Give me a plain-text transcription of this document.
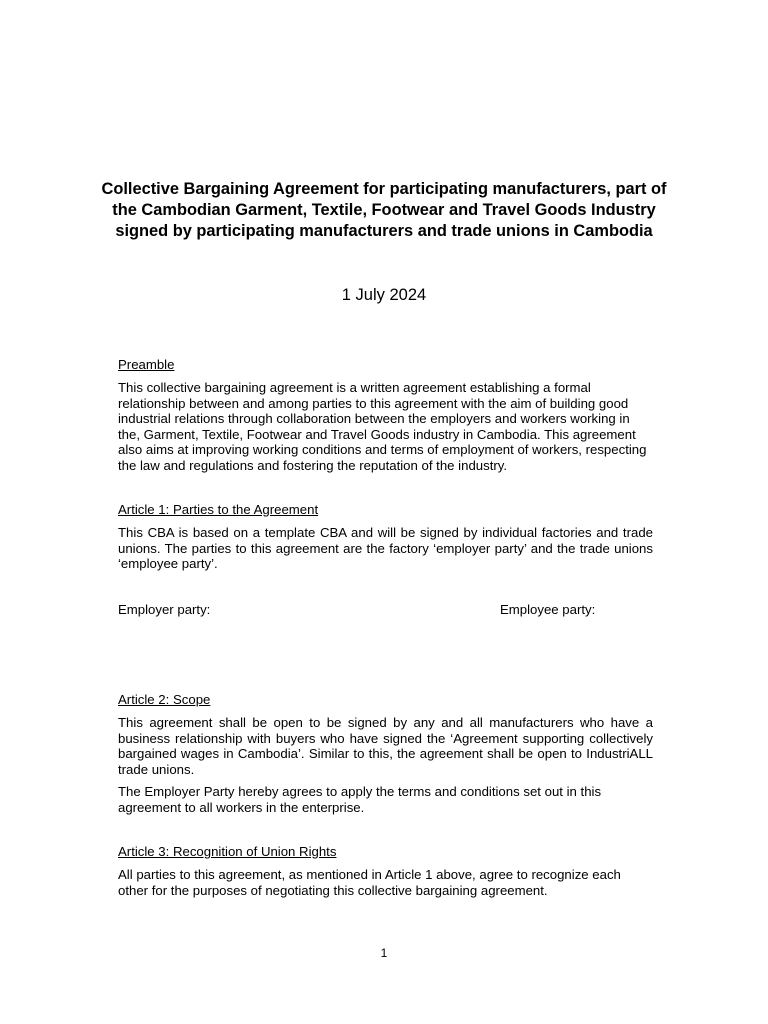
Collective Bargaining Agreement for participating manufacturers, part of the Cambodian Garment, Textile, Footwear and Travel Goods Industry signed by participating manufacturers and trade unions in Cambodia
1 July 2024
Preamble
This collective bargaining agreement is a written agreement establishing a formal relationship between and among parties to this agreement with the aim of building good industrial relations through collaboration between the employers and workers working in the, Garment, Textile, Footwear and Travel Goods industry in Cambodia. This agreement also aims at improving working conditions and terms of employment of workers, respecting the law and regulations and fostering the reputation of the industry.
Article 1: Parties to the Agreement
This CBA is based on a template CBA and will be signed by individual factories and trade unions. The parties to this agreement are the factory ‘employer party’ and the trade unions ‘employee party’.
Employer party:	Employee party:
Article 2: Scope
This agreement shall be open to be signed by any and all manufacturers who have a business relationship with buyers who have signed the ‘Agreement supporting collectively bargained wages in Cambodia’. Similar to this, the agreement shall be open to IndustriALL trade unions.
The Employer Party hereby agrees to apply the terms and conditions set out in this agreement to all workers in the enterprise.
Article 3: Recognition of Union Rights
All parties to this agreement, as mentioned in Article 1 above, agree to recognize each other for the purposes of negotiating this collective bargaining agreement.
1
